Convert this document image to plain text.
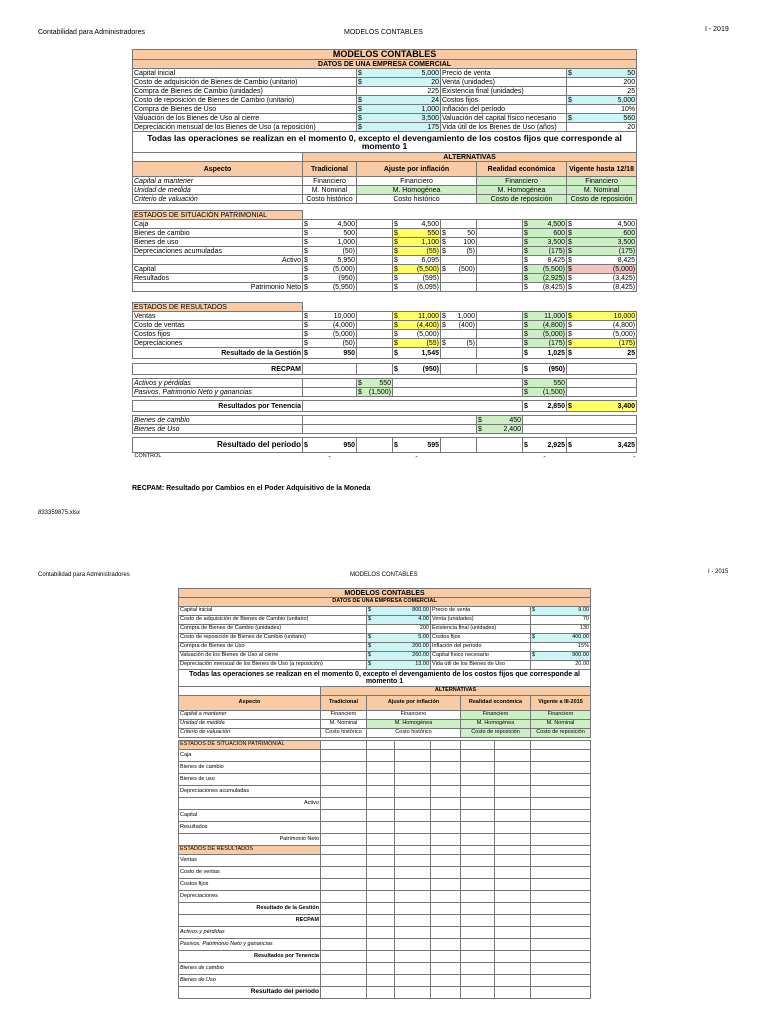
Contabilidad para Administradores	MODELOS CONTABLES	I - 2019
MODELOS CONTABLES							
DATOS DE UNA EMPRESA COMERCIAL							
Capital inicial		$ 5,000		Precio de venta			$ 50
Costo de adquisición de Bienes de Cambio (unitario)		$ 20		Venta (unidades)			200
Compra de Bienes de Cambio (unidades)		225		Existencia final (unidades)			25
Costo de reposición de Bienes de Cambio (unitario)		$ 24		Costos fijos			$ 5,000
Compra de Bienes de Uso		$ 1,000		Inflación del período			10%
Valuación de los Bienes de Uso al cierre		$ 3,500		Valuación del capital físico necesario			$ 560
Depreciación mensual de los Bienes de Uso (a reposición)		$ 175		Vida útil de los Bienes de Uso (años)			20
Todas las operaciones se realizan en el momento 0, excepto el devengamiento de los costos fijos que corresponde al momento 1							
	ALTERNATIVAS						
Aspecto	Tradicional	Ajuste por inflación			Realidad económica		Vigente hasta 12/18
Capital a mantener	Financiero	Financiero			Financiero		Financiero
Unidad de medida	M. Nominal	M. Homogénea			M. Homogénea		M. Nominal
Criterio de valuación	Costo histórico	Costo histórico			Costo de reposición		Costo de reposición

ESTADOS DE SITUACION PATRIMONIAL							
Caja	$ 4,500		$ 4,500			$ 4,500	$ 4,500
Bienes de cambio	$ 500		$ 550	$ 50		$ 600	$ 600
Bienes de uso	$ 1,000		$ 1,100	$ 100		$ 3,500	$ 3,500
Depreciaciones acumuladas	$ (50)		$ (55)	$ (5)		$ (175)	$ (175)
Activo	$ 5,950		$ 6,095			$ 8,425	$ 8,425
Capital	$ (5,000)		$ (5,500)	$ (500)		$ (5,500)	$ (5,000)
Resultados	$ (950)		$ (595)			$ (2,925)	$ (3,425)
Patrimonio Neto	$ (5,950)		$ (6,095)			$ (8,425)	$ (8,425)

ESTADOS DE RESULTADOS							
Ventas	$ 10,000		$ 11,000	$ 1,000		$ 11,000	$ 10,000
Costo de ventas	$ (4,000)		$ (4,400)	$ (400)		$ (4,800)	$ (4,800)
Costos fijos	$ (5,000)		$ (5,000)			$ (5,000)	$ (5,000)
Depreciaciones	$ (50)		$ (55)	$ (5)		$ (175)	$ (175)
Resultado de la Gestión	$ 950		$ 1,545			$ 1,025	$ 25

RECPAM			$ (950)			$ (950)	

Activos y pérdidas		$ 550				$ 550	
Pasivos, Patrimonio Neto y ganancias		$ (1,500)				$ (1,500)	

Resultados por Tenencia						$ 2,850	$ 3,400

Bienes de cambio					$ 450		
Bienes de Uso					$ 2,400		

Resultado del período	$ 950		$ 595			$ 2,925	$ 3,425
CONTROL	-		-			-	-
RECPAM: Resultado por Cambios en el Poder Adquisitivo de la Moneda
833359875.xlsx
Contabilidad para Administradores	MODELOS CONTABLES	I - 2015
MODELOS CONTABLES							
DATOS DE UNA EMPRESA COMERCIAL							
Capital inicial		$ 800.00		Precio de venta			$ 9.00
Costo de adquisición de Bienes de Cambio (unitario)		$ 4.00		Venta (unidades)			70
Compra de Bienes de Cambio (unidades)		200		Existencia final (unidades)			130
Costo de reposición de Bienes de Cambio (unitario)		$ 5.00		Costos fijos			$ 400.00
Compra de Bienes de Uso		$ 200.00		Inflación del período			15%
Valuación de los Bienes de Uso al cierre		$ 260.00		Capital físico necesario			$ 900.00
Depreciación mensual de los Bienes de Uso (a reposición)		$ 13.00		Vida útil de los Bienes de Uso			20.00
Todas las operaciones se realizan en el momento 0, excepto el devengamiento de los costos fijos que corresponde al momento 1							
	ALTERNATIVAS						
Aspecto	Tradicional	Ajuste por inflación			Realidad económica		Vigente a III-2015
Capital a mantener	Financiero	Financiero			Financiero		Financiero
Unidad de medida	M. Nominal	M. Homogénea			M. Homogénea		M. Nominal
Criterio de valuación	Costo histórico	Costo histórico			Costo de reposición		Costo de reposición

ESTADOS DE SITUACION PATRIMONIAL							
Caja							
Bienes de cambio							
Bienes de uso							
Depreciaciones acumuladas							
Activo							
Capital							
Resultados							
Patrimonio Neto							
ESTADOS DE RESULTADOS							
Ventas							
Costo de ventas							
Costos fijos							
Depreciaciones							
Resultado de la Gestión							
RECPAM							
Activos y pérdidas							
Pasivos, Patrimonio Neto y ganancias							
Resultados por Tenencia							
Bienes de cambio							
Bienes de Uso							
Resultado del período							
